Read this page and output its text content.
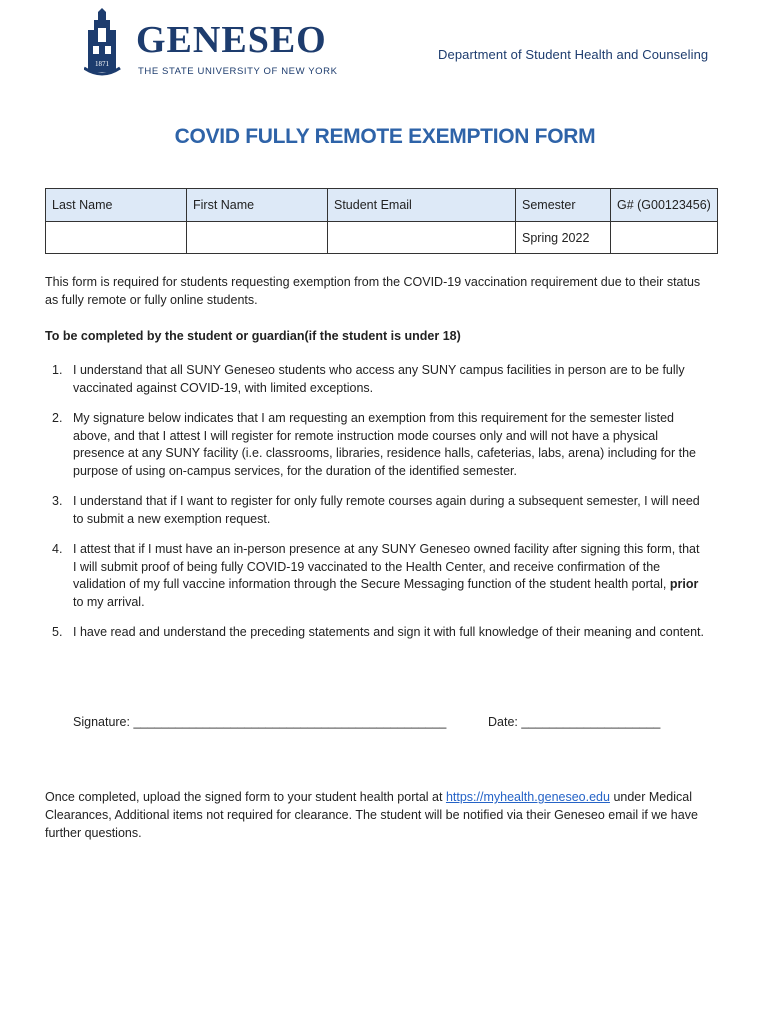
1871
GENESEO
THE STATE UNIVERSITY OF NEW YORK
Department of Student Health and Counseling
COVID FULLY REMOTE EXEMPTION FORM
Last Name	First Name	Student Email	Semester	G# (G00123456)
			Spring 2022	
This form is required for students requesting exemption from the COVID-19 vaccination requirement due to their status as fully remote or fully online students.
To be completed by the student or guardian(if the student is under 18)
1. I understand that all SUNY Geneseo students who access any SUNY campus facilities in person are to be fully vaccinated against COVID-19, with limited exceptions.
2. My signature below indicates that I am requesting an exemption from this requirement for the semester listed above, and that I attest I will register for remote instruction mode courses only and will not have a physical presence at any SUNY facility (i.e. classrooms, libraries, residence halls, cafeterias, labs, arena) including for the purpose of using on-campus services, for the duration of the identified semester.
3. I understand that if I want to register for only fully remote courses again during a subsequent semester, I will need to submit a new exemption request.
4. I attest that if I must have an in-person presence at any SUNY Geneseo owned facility after signing this form, that I will submit proof of being fully COVID-19 vaccinated to the Health Center, and receive confirmation of the validation of my full vaccine information through the Secure Messaging function of the student health portal, prior to my arrival.
5. I have read and understand the preceding statements and sign it with full knowledge of their meaning and content.
Signature: _____________________________________________	Date: ____________________
Once completed, upload the signed form to your student health portal at https://myhealth.geneseo.edu under Medical Clearances, Additional items not required for clearance. The student will be notified via their Geneseo email if we have further questions.
